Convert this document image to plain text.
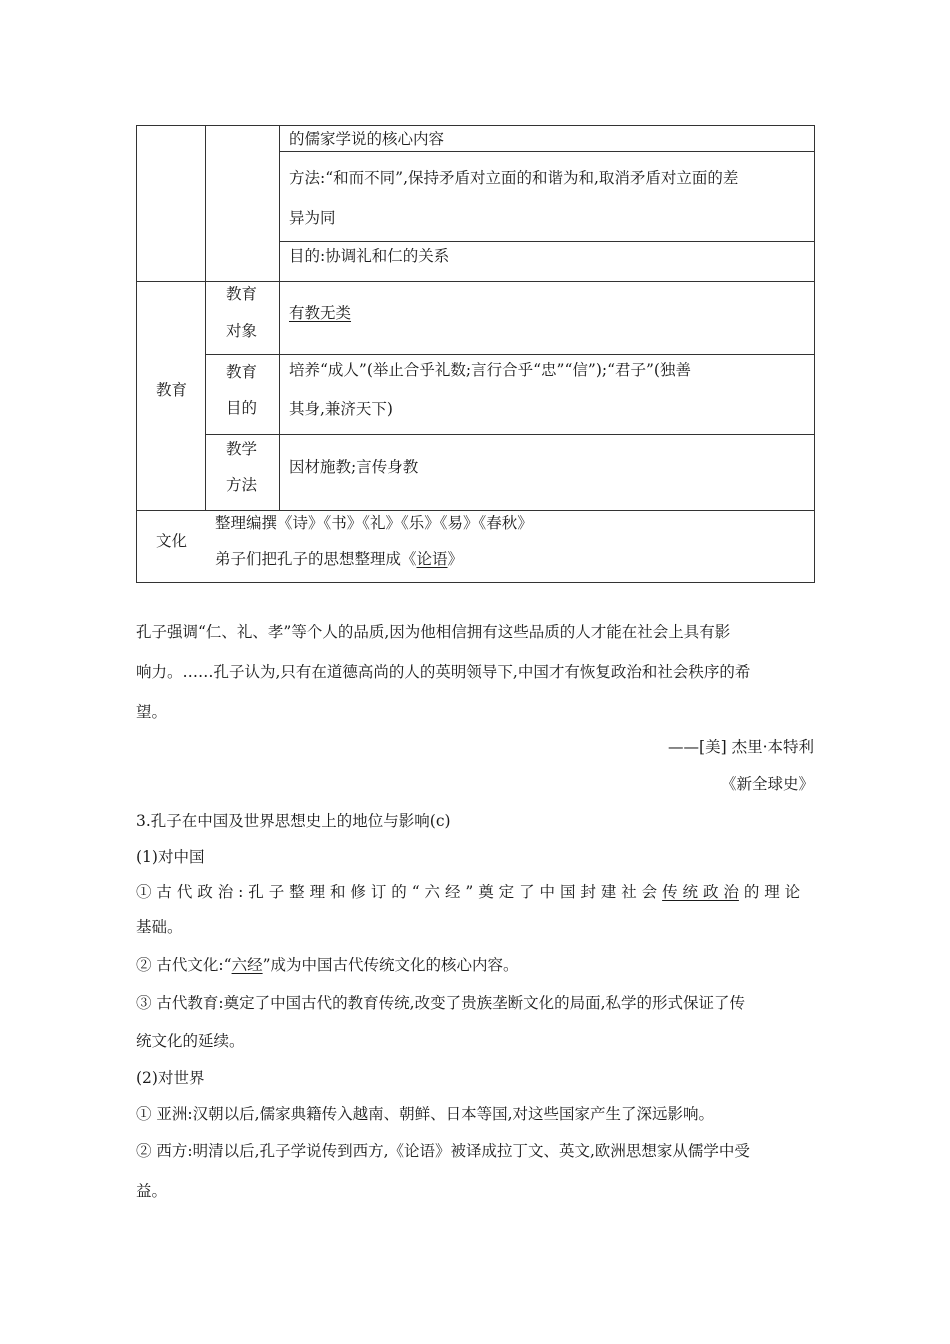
的儒家学说的核心内容
方法:“和而不同”,保持矛盾对立面的和谐为和,取消矛盾对立面的差
异为同
目的:协调礼和仁的关系
教育
教育
对象
有教无类
教育
目的
培养“成人”(举止合乎礼数;言行合乎“忠”“信”);“君子”(独善
其身,兼济天下)
教学
方法
因材施教;言传身教
文化
整理编撰《诗》《书》《礼》《乐》《易》《春秋》
弟子们把孔子的思想整理成《论语》
孔子强调“仁、礼、孝”等个人的品质,因为他相信拥有这些品质的人才能在社会上具有影
响力。……孔子认为,只有在道德高尚的人的英明领导下,中国才有恢复政治和社会秩序的希
望。
——[美] 杰里·本特利
《新全球史》
3.孔子在中国及世界思想史上的地位与影响(c)
(1)对中国
① 古 代 政 治 : 孔 子 整 理 和 修 订 的 “ 六 经 ” 奠 定 了 中 国 封 建 社 会 传 统 政 治 的 理 论
基础。
② 古代文化:“六经”成为中国古代传统文化的核心内容。
③ 古代教育:奠定了中国古代的教育传统,改变了贵族垄断文化的局面,私学的形式保证了传
统文化的延续。
(2)对世界
① 亚洲:汉朝以后,儒家典籍传入越南、朝鲜、日本等国,对这些国家产生了深远影响。
② 西方:明清以后,孔子学说传到西方,《论语》被译成拉丁文、英文,欧洲思想家从儒学中受
益。
